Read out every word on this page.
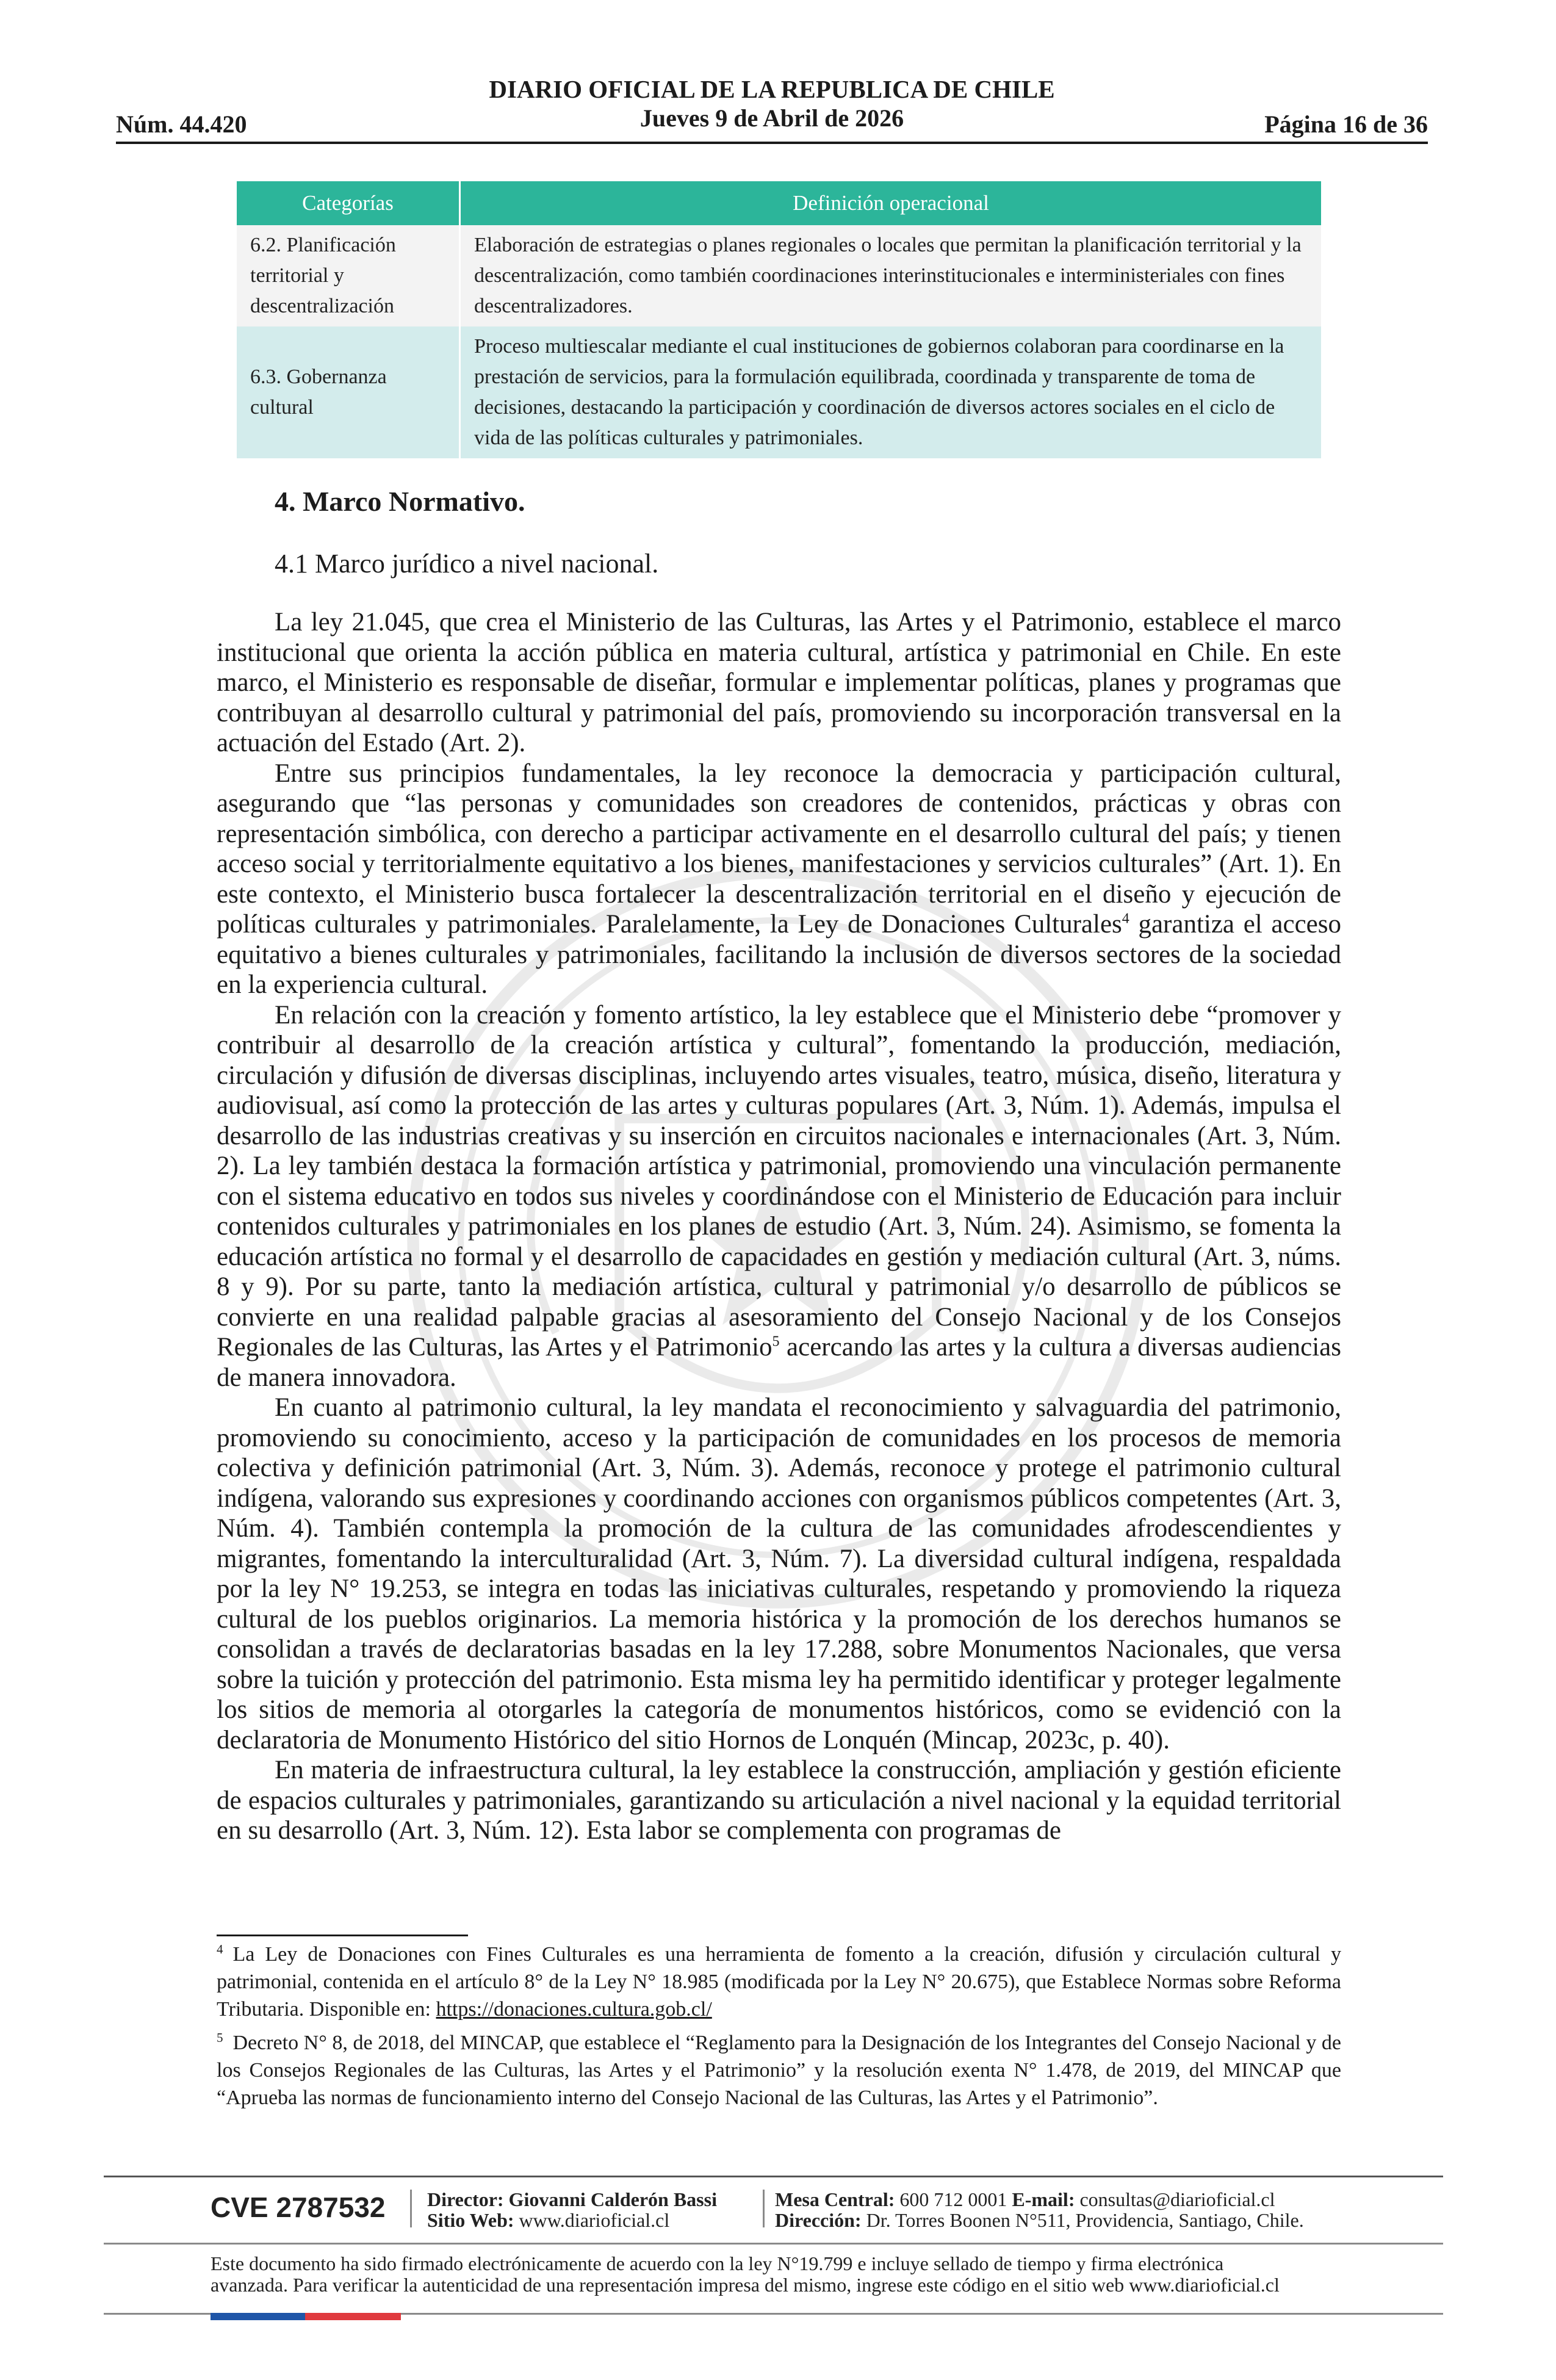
Núm. 44.420
DIARIO OFICIAL DE LA REPUBLICA DE CHILE
Jueves 9 de Abril de 2026	Página 16 de 36
Categorías	Definición operacional
6.2. Planificación territorial y descentralización	Elaboración de estrategias o planes regionales o locales que permitan la planificación territorial y la descentralización, como también coordinaciones interinstitucionales e interministeriales con fines descentralizadores.
6.3. Gobernanza cultural	Proceso multiescalar mediante el cual instituciones de gobiernos colaboran para coordinarse en la prestación de servicios, para la formulación equilibrada, coordinada y transparente de toma de decisiones, destacando la participación y coordinación de diversos actores sociales en el ciclo de vida de las políticas culturales y patrimoniales.
4. Marco Normativo.
4.1 Marco jurídico a nivel nacional.

La ley 21.045, que crea el Ministerio de las Culturas, las Artes y el Patrimonio, establece el marco institucional que orienta la acción pública en materia cultural, artística y patrimonial en Chile. En este marco, el Ministerio es responsable de diseñar, formular e implementar políticas, planes y programas que contribuyan al desarrollo cultural y patrimonial del país, promoviendo su incorporación transversal en la actuación del Estado (Art. 2).

Entre sus principios fundamentales, la ley reconoce la democracia y participación cultural, asegurando que “las personas y comunidades son creadores de contenidos, prácticas y obras con representación simbólica, con derecho a participar activamente en el desarrollo cultural del país; y tienen acceso social y territorialmente equitativo a los bienes, manifestaciones y servicios culturales” (Art. 1). En este contexto, el Ministerio busca fortalecer la descentralización territorial en el diseño y ejecución de políticas culturales y patrimoniales. Paralelamente, la Ley de Donaciones Culturales$^4$ garantiza el acceso equitativo a bienes culturales y patrimoniales, facilitando la inclusión de diversos sectores de la sociedad en la experiencia cultural.

En relación con la creación y fomento artístico, la ley establece que el Ministerio debe “promover y contribuir al desarrollo de la creación artística y cultural”, fomentando la producción, mediación, circulación y difusión de diversas disciplinas, incluyendo artes visuales, teatro, música, diseño, literatura y audiovisual, así como la protección de las artes y culturas populares (Art. 3, Núm. 1). Además, impulsa el desarrollo de las industrias creativas y su inserción en circuitos nacionales e internacionales (Art. 3, Núm. 2). La ley también destaca la formación artística y patrimonial, promoviendo una vinculación permanente con el sistema educativo en todos sus niveles y coordinándose con el Ministerio de Educación para incluir contenidos culturales y patrimoniales en los planes de estudio (Art. 3, Núm. 24). Asimismo, se fomenta la educación artística no formal y el desarrollo de capacidades en gestión y mediación cultural (Art. 3, núms. 8 y 9). Por su parte, tanto la mediación artística, cultural y patrimonial y/o desarrollo de públicos se convierte en una realidad palpable gracias al asesoramiento del Consejo Nacional y de los Consejos Regionales de las Culturas, las Artes y el Patrimonio$^5$ acercando las artes y la cultura a diversas audiencias de manera innovadora.

En cuanto al patrimonio cultural, la ley mandata el reconocimiento y salvaguardia del patrimonio, promoviendo su conocimiento, acceso y la participación de comunidades en los procesos de memoria colectiva y definición patrimonial (Art. 3, Núm. 3). Además, reconoce y protege el patrimonio cultural indígena, valorando sus expresiones y coordinando acciones con organismos públicos competentes (Art. 3, Núm. 4). También contempla la promoción de la cultura de las comunidades afrodescendientes y migrantes, fomentando la interculturalidad (Art. 3, Núm. 7). La diversidad cultural indígena, respaldada por la ley N° 19.253, se integra en todas las iniciativas culturales, respetando y promoviendo la riqueza cultural de los pueblos originarios. La memoria histórica y la promoción de los derechos humanos se consolidan a través de declaratorias basadas en la ley 17.288, sobre Monumentos Nacionales, que versa sobre la tuición y protección del patrimonio. Esta misma ley ha permitido identificar y proteger legalmente los sitios de memoria al otorgarles la categoría de monumentos históricos, como se evidenció con la declaratoria de Monumento Histórico del sitio Hornos de Lonquén (Mincap, 2023c, p. 40).

En materia de infraestructura cultural, la ley establece la construcción, ampliación y gestión eficiente de espacios culturales y patrimoniales, garantizando su articulación a nivel nacional y la equidad territorial en su desarrollo (Art. 3, Núm. 12). Esta labor se complementa con programas de

$^4$ La Ley de Donaciones con Fines Culturales es una herramienta de fomento a la creación, difusión y circulación cultural y patrimonial, contenida en el artículo 8° de la Ley N° 18.985 (modificada por la Ley N° 20.675), que Establece Normas sobre Reforma Tributaria. Disponible en: https://donaciones.cultura.gob.cl/

$^5$ Decreto N° 8, de 2018, del MINCAP, que establece el “Reglamento para la Designación de los Integrantes del Consejo Nacional y de los Consejos Regionales de las Culturas, las Artes y el Patrimonio” y la resolución exenta N° 1.478, de 2019, del MINCAP que “Aprueba las normas de funcionamiento interno del Consejo Nacional de las Culturas, las Artes y el Patrimonio”.

CVE 2787532 Director: Giovanni Calderón Bassi
Sitio Web: www.diarioficial.cl
Mesa Central: 600 712 0001 E-mail: consultas@diarioficial.cl
Dirección: Dr. Torres Boonen N°511, Providencia, Santiago, Chile.
Este documento ha sido firmado electrónicamente de acuerdo con la ley N°19.799 e incluye sellado de tiempo y firma electrónica
avanzada. Para verificar la autenticidad de una representación impresa del mismo, ingrese este código en el sitio web www.diarioficial.cl
